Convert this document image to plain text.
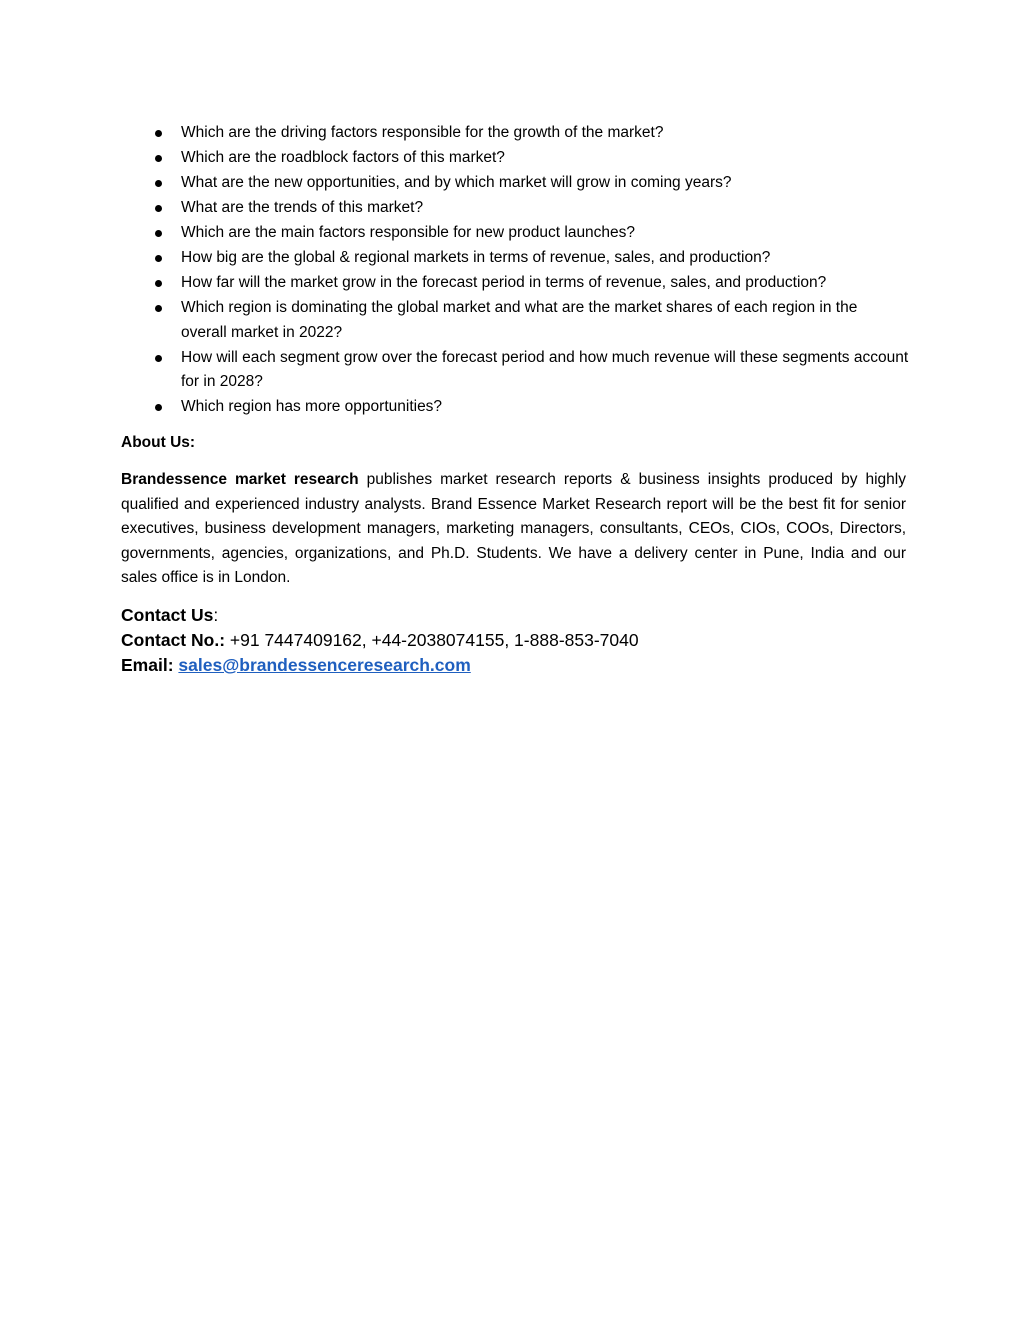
Which are the driving factors responsible for the growth of the market?
Which are the roadblock factors of this market?
What are the new opportunities, and by which market will grow in coming years?
What are the trends of this market?
Which are the main factors responsible for new product launches?
How big are the global & regional markets in terms of revenue, sales, and production?
How far will the market grow in the forecast period in terms of revenue, sales, and production?
Which region is dominating the global market and what are the market shares of each region in the   overall market in 2022?
How will each segment grow over the forecast period and how much revenue will these segments account for in 2028?
Which region has more opportunities?

About Us:

Brandessence market research publishes market research reports & business insights produced by highly qualified and experienced industry analysts. Brand Essence Market Research report will be the best fit for senior executives, business development managers, marketing managers, consultants, CEOs, CIOs, COOs, Directors, governments, agencies, organizations, and Ph.D. Students. We have a delivery center in Pune, India and our sales office is in London.

Contact Us:
Contact No.: +91 7447409162, +44-2038074155, 1-888-853-7040
Email: sales@brandessenceresearch.com
